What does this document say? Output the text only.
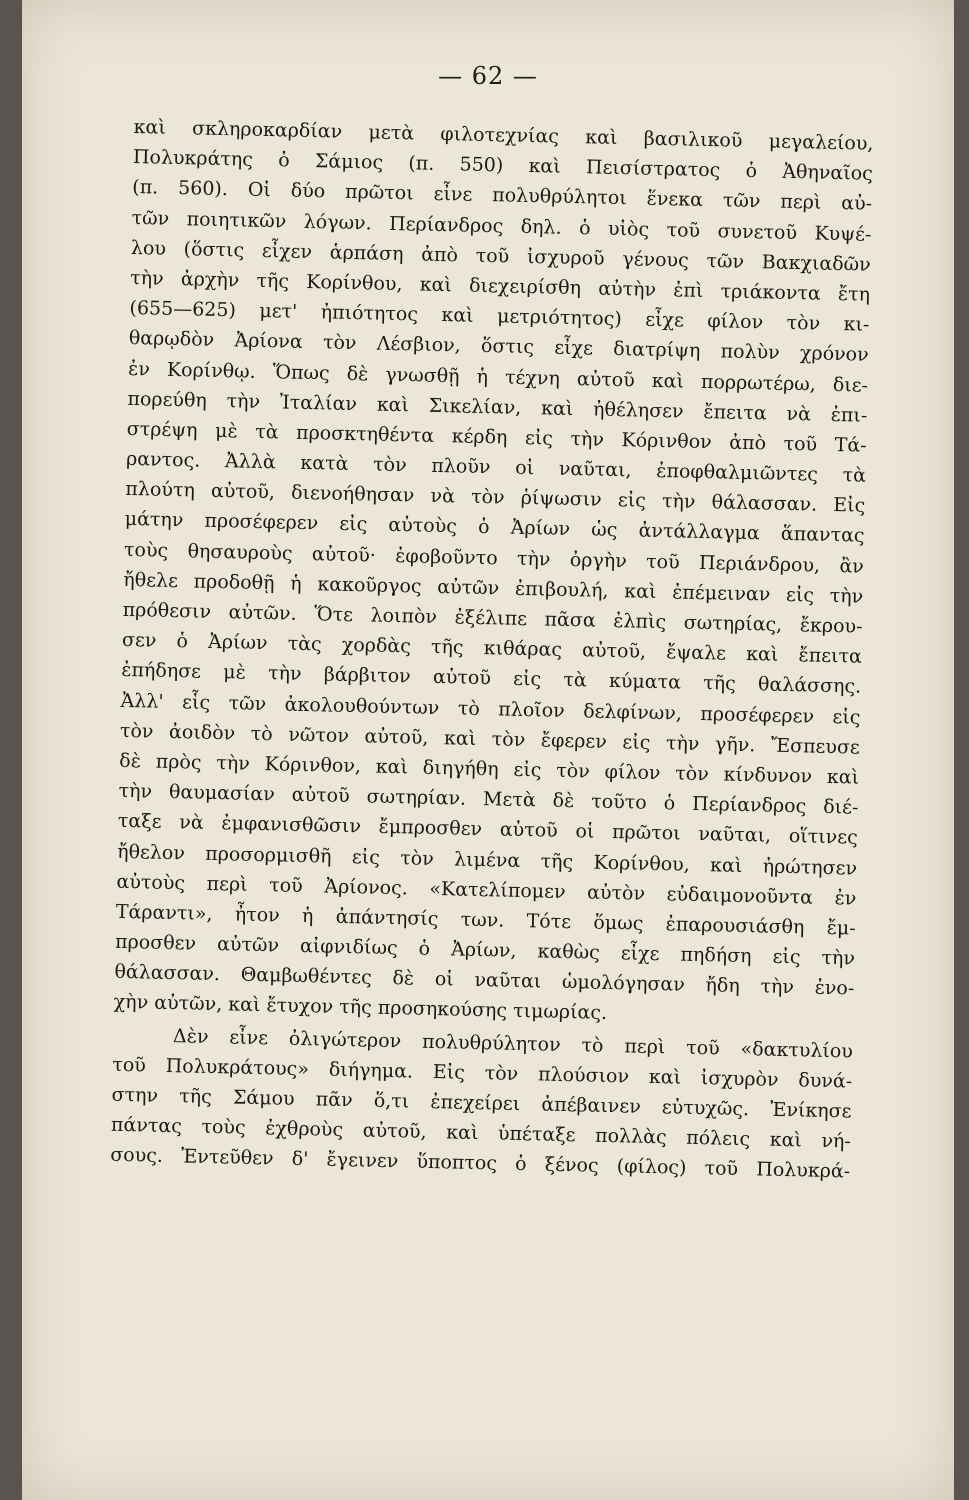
— 62 —
καὶ σκληροκαρδίαν μετὰ φιλοτεχνίας καὶ βασιλικοῦ μεγαλείου,
Πολυκράτης ὁ Σάμιος (π. 550) καὶ Πεισίστρατος ὁ Ἀθηναῖος
(π. 560). Οἱ δύο πρῶτοι εἶνε πολυθρύλητοι ἕνεκα τῶν περὶ αὐ-
τῶν ποιητικῶν λόγων. Περίανδρος δηλ. ὁ υἱὸς τοῦ συνετοῦ Κυψέ-
λου (ὅστις εἶχεν ἁρπάση ἀπὸ τοῦ ἰσχυροῦ γένους τῶν Βακχιαδῶν
τὴν ἀρχὴν τῆς Κορίνθου, καὶ διεχειρίσθη αὐτὴν ἐπὶ τριάκοντα ἔτη
(655—625) μετ' ἠπιότητος καὶ μετριότητος) εἶχε φίλον τὸν κι-
θαρῳδὸν Ἀρίονα τὸν Λέσβιον, ὅστις εἶχε διατρίψη πολὺν χρόνον
ἐν Κορίνθῳ. Ὅπως δὲ γνωσθῇ ἡ τέχνη αὐτοῦ καὶ πορρωτέρω, διε-
πορεύθη τὴν Ἰταλίαν καὶ Σικελίαν, καὶ ἠθέλησεν ἔπειτα νὰ ἐπι-
στρέψη μὲ τὰ προσκτηθέντα κέρδη εἰς τὴν Κόρινθον ἀπὸ τοῦ Τά-
ραντος. Ἀλλὰ κατὰ τὸν πλοῦν οἱ ναῦται, ἐποφθαλμιῶντες τὰ
πλούτη αὐτοῦ, διενοήθησαν νὰ τὸν ῥίψωσιν εἰς τὴν θάλασσαν. Εἰς
μάτην προσέφερεν εἰς αὐτοὺς ὁ Ἀρίων ὡς ἀντάλλαγμα ἅπαντας
τοὺς θησαυροὺς αὐτοῦ· ἐφοβοῦντο τὴν ὀργὴν τοῦ Περιάνδρου, ἂν
ἤθελε προδοθῇ ἡ κακοῦργος αὐτῶν ἐπιβουλή, καὶ ἐπέμειναν εἰς τὴν
πρόθεσιν αὐτῶν. Ὅτε λοιπὸν ἐξέλιπε πᾶσα ἐλπὶς σωτηρίας, ἔκρου-
σεν ὁ Ἀρίων τὰς χορδὰς τῆς κιθάρας αὐτοῦ, ἔψαλε καὶ ἔπειτα
ἐπήδησε μὲ τὴν βάρβιτον αὐτοῦ εἰς τὰ κύματα τῆς θαλάσσης.
Ἀλλ' εἷς τῶν ἀκολουθούντων τὸ πλοῖον δελφίνων, προσέφερεν εἰς
τὸν ἀοιδὸν τὸ νῶτον αὐτοῦ, καὶ τὸν ἔφερεν εἰς τὴν γῆν. Ἔσπευσε
δὲ πρὸς τὴν Κόρινθον, καὶ διηγήθη εἰς τὸν φίλον τὸν κίνδυνον καὶ
τὴν θαυμασίαν αὐτοῦ σωτηρίαν. Μετὰ δὲ τοῦτο ὁ Περίανδρος διέ-
ταξε νὰ ἐμφανισθῶσιν ἔμπροσθεν αὐτοῦ οἱ πρῶτοι ναῦται, οἵτινες
ἤθελον προσορμισθῆ εἰς τὸν λιμένα τῆς Κορίνθου, καὶ ἠρώτησεν
αὐτοὺς περὶ τοῦ Ἀρίονος. «Κατελίπομεν αὐτὸν εὐδαιμονοῦντα ἐν
Τάραντι», ἦτον ἡ ἀπάντησίς των. Τότε ὅμως ἐπαρουσιάσθη ἔμ-
προσθεν αὐτῶν αἰφνιδίως ὁ Ἀρίων, καθὼς εἶχε πηδήση εἰς τὴν
θάλασσαν. Θαμβωθέντες δὲ οἱ ναῦται ὡμολόγησαν ἤδη τὴν ἐνο-
χὴν αὐτῶν, καὶ ἔτυχον τῆς προσηκούσης τιμωρίας.
Δὲν εἶνε ὀλιγώτερον πολυθρύλητον τὸ περὶ τοῦ «δακτυλίου
τοῦ Πολυκράτους» διήγημα. Εἰς τὸν πλούσιον καὶ ἰσχυρὸν δυνά-
στην τῆς Σάμου πᾶν ὅ,τι ἐπεχείρει ἀπέβαινεν εὐτυχῶς. Ἐνίκησε
πάντας τοὺς ἐχθροὺς αὐτοῦ, καὶ ὑπέταξε πολλὰς πόλεις καὶ νή-
σους. Ἐντεῦθεν δ' ἔγεινεν ὕποπτος ὁ ξένος (φίλος) τοῦ Πολυκρά-
